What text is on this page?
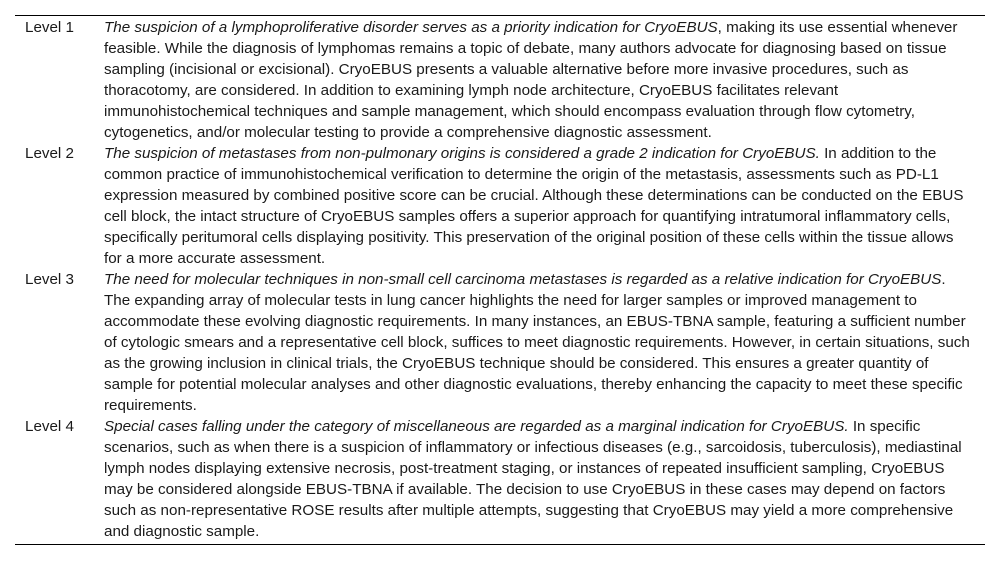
Level 1	The suspicion of a lymphoproliferative disorder serves as a priority indication for CryoEBUS, making its use essential whenever feasible. While the diagnosis of lymphomas remains a topic of debate, many authors advocate for diagnosing based on tissue sampling (incisional or excisional). CryoEBUS presents a valuable alternative before more invasive procedures, such as thoracotomy, are considered. In addition to examining lymph node architecture, CryoEBUS facilitates relevant immunohistochemical techniques and sample management, which should encompass evaluation through flow cytometry, cytogenetics, and/or molecular testing to provide a comprehensive diagnostic assessment.
Level 2	The suspicion of metastases from non-pulmonary origins is considered a grade 2 indication for CryoEBUS. In addition to the common practice of immunohistochemical verification to determine the origin of the metastasis, assessments such as PD-L1 expression measured by combined positive score can be crucial. Although these determinations can be conducted on the EBUS cell block, the intact structure of CryoEBUS samples offers a superior approach for quantifying intratumoral inflammatory cells, specifically peritumoral cells displaying positivity. This preservation of the original position of these cells within the tissue allows for a more accurate assessment.
Level 3	The need for molecular techniques in non-small cell carcinoma metastases is regarded as a relative indication for CryoEBUS. The expanding array of molecular tests in lung cancer highlights the need for larger samples or improved management to accommodate these evolving diagnostic requirements. In many instances, an EBUS-TBNA sample, featuring a sufficient number of cytologic smears and a representative cell block, suffices to meet diagnostic requirements. However, in certain situations, such as the growing inclusion in clinical trials, the CryoEBUS technique should be considered. This ensures a greater quantity of sample for potential molecular analyses and other diagnostic evaluations, thereby enhancing the capacity to meet these specific requirements.
Level 4	Special cases falling under the category of miscellaneous are regarded as a marginal indication for CryoEBUS. In specific scenarios, such as when there is a suspicion of inflammatory or infectious diseases (e.g., sarcoidosis, tuberculosis), mediastinal lymph nodes displaying extensive necrosis, post-treatment staging, or instances of repeated insufficient sampling, CryoEBUS may be considered alongside EBUS-TBNA if available. The decision to use CryoEBUS in these cases may depend on factors such as non-representative ROSE results after multiple attempts, suggesting that CryoEBUS may yield a more comprehensive and diagnostic sample.
